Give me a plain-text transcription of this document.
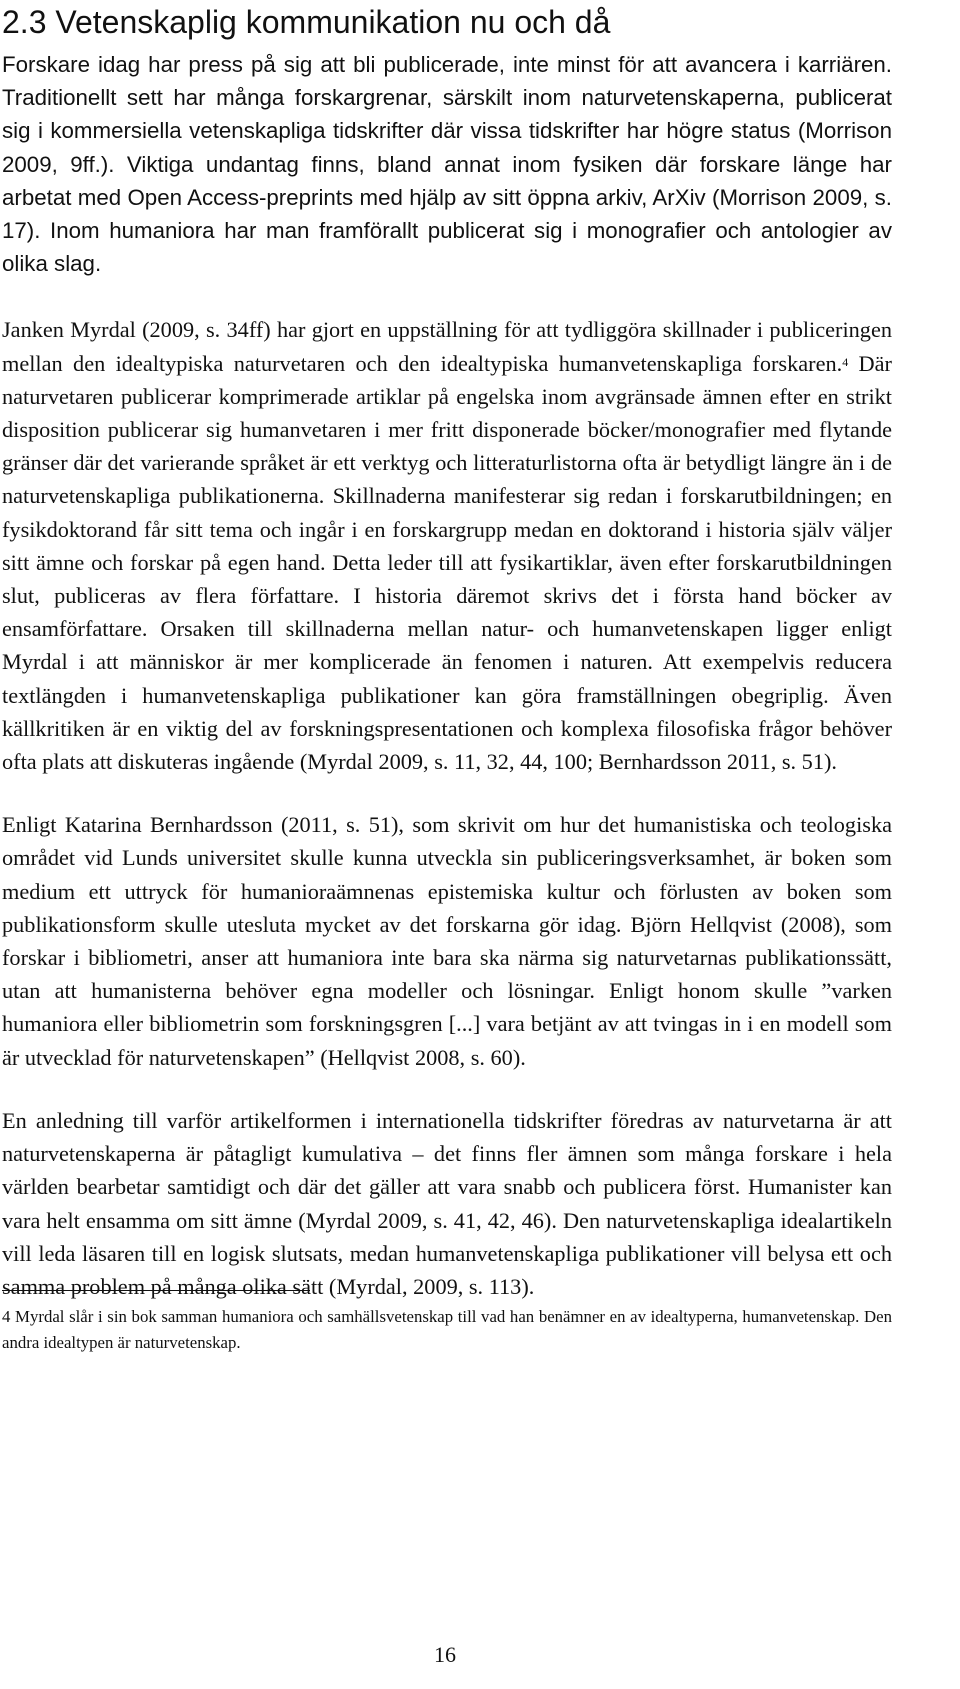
2.3 Vetenskaplig kommunikation nu och då

Forskare idag har press på sig att bli publicerade, inte minst för att avancera i karriären. Traditionellt sett har många forskargrenar, särskilt inom naturvetenskaperna, publicerat sig i kommersiella vetenskapliga tidskrifter där vissa tidskrifter har högre status (Morrison 2009, 9ff.). Viktiga undantag finns, bland annat inom fysiken där forskare länge har arbetat med Open Access-preprints med hjälp av sitt öppna arkiv, ArXiv (Morrison 2009, s. 17). Inom humaniora har man framförallt publicerat sig i monografier och antologier av olika slag.

Janken Myrdal (2009, s. 34ff) har gjort en uppställning för att tydliggöra skillnader i publiceringen mellan den idealtypiska naturvetaren och den idealtypiska humanvetenskapliga forskaren.$^4$ Där naturvetaren publicerar komprimerade artiklar på engelska inom avgränsade ämnen efter en strikt disposition publicerar sig humanvetaren i mer fritt disponerade böcker/monografier med flytande gränser där det varierande språket är ett verktyg och litteraturlistorna ofta är betydligt längre än i de naturvetenskapliga publikationerna. Skillnaderna manifesterar sig redan i forskarutbildningen; en fysikdoktorand får sitt tema och ingår i en forskargrupp medan en doktorand i historia själv väljer sitt ämne och forskar på egen hand. Detta leder till att fysikartiklar, även efter forskarutbildningen slut, publiceras av flera författare. I historia däremot skrivs det i första hand böcker av ensamförfattare. Orsaken till skillnaderna mellan natur- och humanvetenskapen ligger enligt Myrdal i att människor är mer komplicerade än fenomen i naturen. Att exempelvis reducera textlängden i humanvetenskapliga publikationer kan göra framställningen obegriplig. Även källkritiken är en viktig del av forskningspresentationen och komplexa filosofiska frågor behöver ofta plats att diskuteras ingående (Myrdal 2009, s. 11, 32, 44, 100; Bernhardsson 2011, s. 51).

Enligt Katarina Bernhardsson (2011, s. 51), som skrivit om hur det humanistiska och teologiska området vid Lunds universitet skulle kunna utveckla sin publiceringsverksamhet, är boken som medium ett uttryck för humanioraämnenas epistemiska kultur och förlusten av boken som publikationsform skulle utesluta mycket av det forskarna gör idag. Björn Hellqvist (2008), som forskar i bibliometri, anser att humaniora inte bara ska närma sig naturvetarnas publikationssätt, utan att humanisterna behöver egna modeller och lösningar. Enligt honom skulle ”varken humaniora eller bibliometrin som forskningsgren [...] vara betjänt av att tvingas in i en modell som är utvecklad för naturvetenskapen” (Hellqvist 2008, s. 60).

En anledning till varför artikelformen i internationella tidskrifter föredras av naturvetarna är att naturvetenskaperna är påtagligt kumulativa – det finns fler ämnen som många forskare i hela världen bearbetar samtidigt och där det gäller att vara snabb och publicera först. Humanister kan vara helt ensamma om sitt ämne (Myrdal 2009, s. 41, 42, 46). Den naturvetenskapliga idealartikeln vill leda läsaren till en logisk slutsats, medan humanvetenskapliga publikationer vill belysa ett och samma problem på många olika sätt (Myrdal, 2009, s. 113).

4 Myrdal slår i sin bok samman humaniora och samhällsvetenskap till vad han benämner en av idealtyperna, humanvetenskap. Den andra idealtypen är naturvetenskap.

16
